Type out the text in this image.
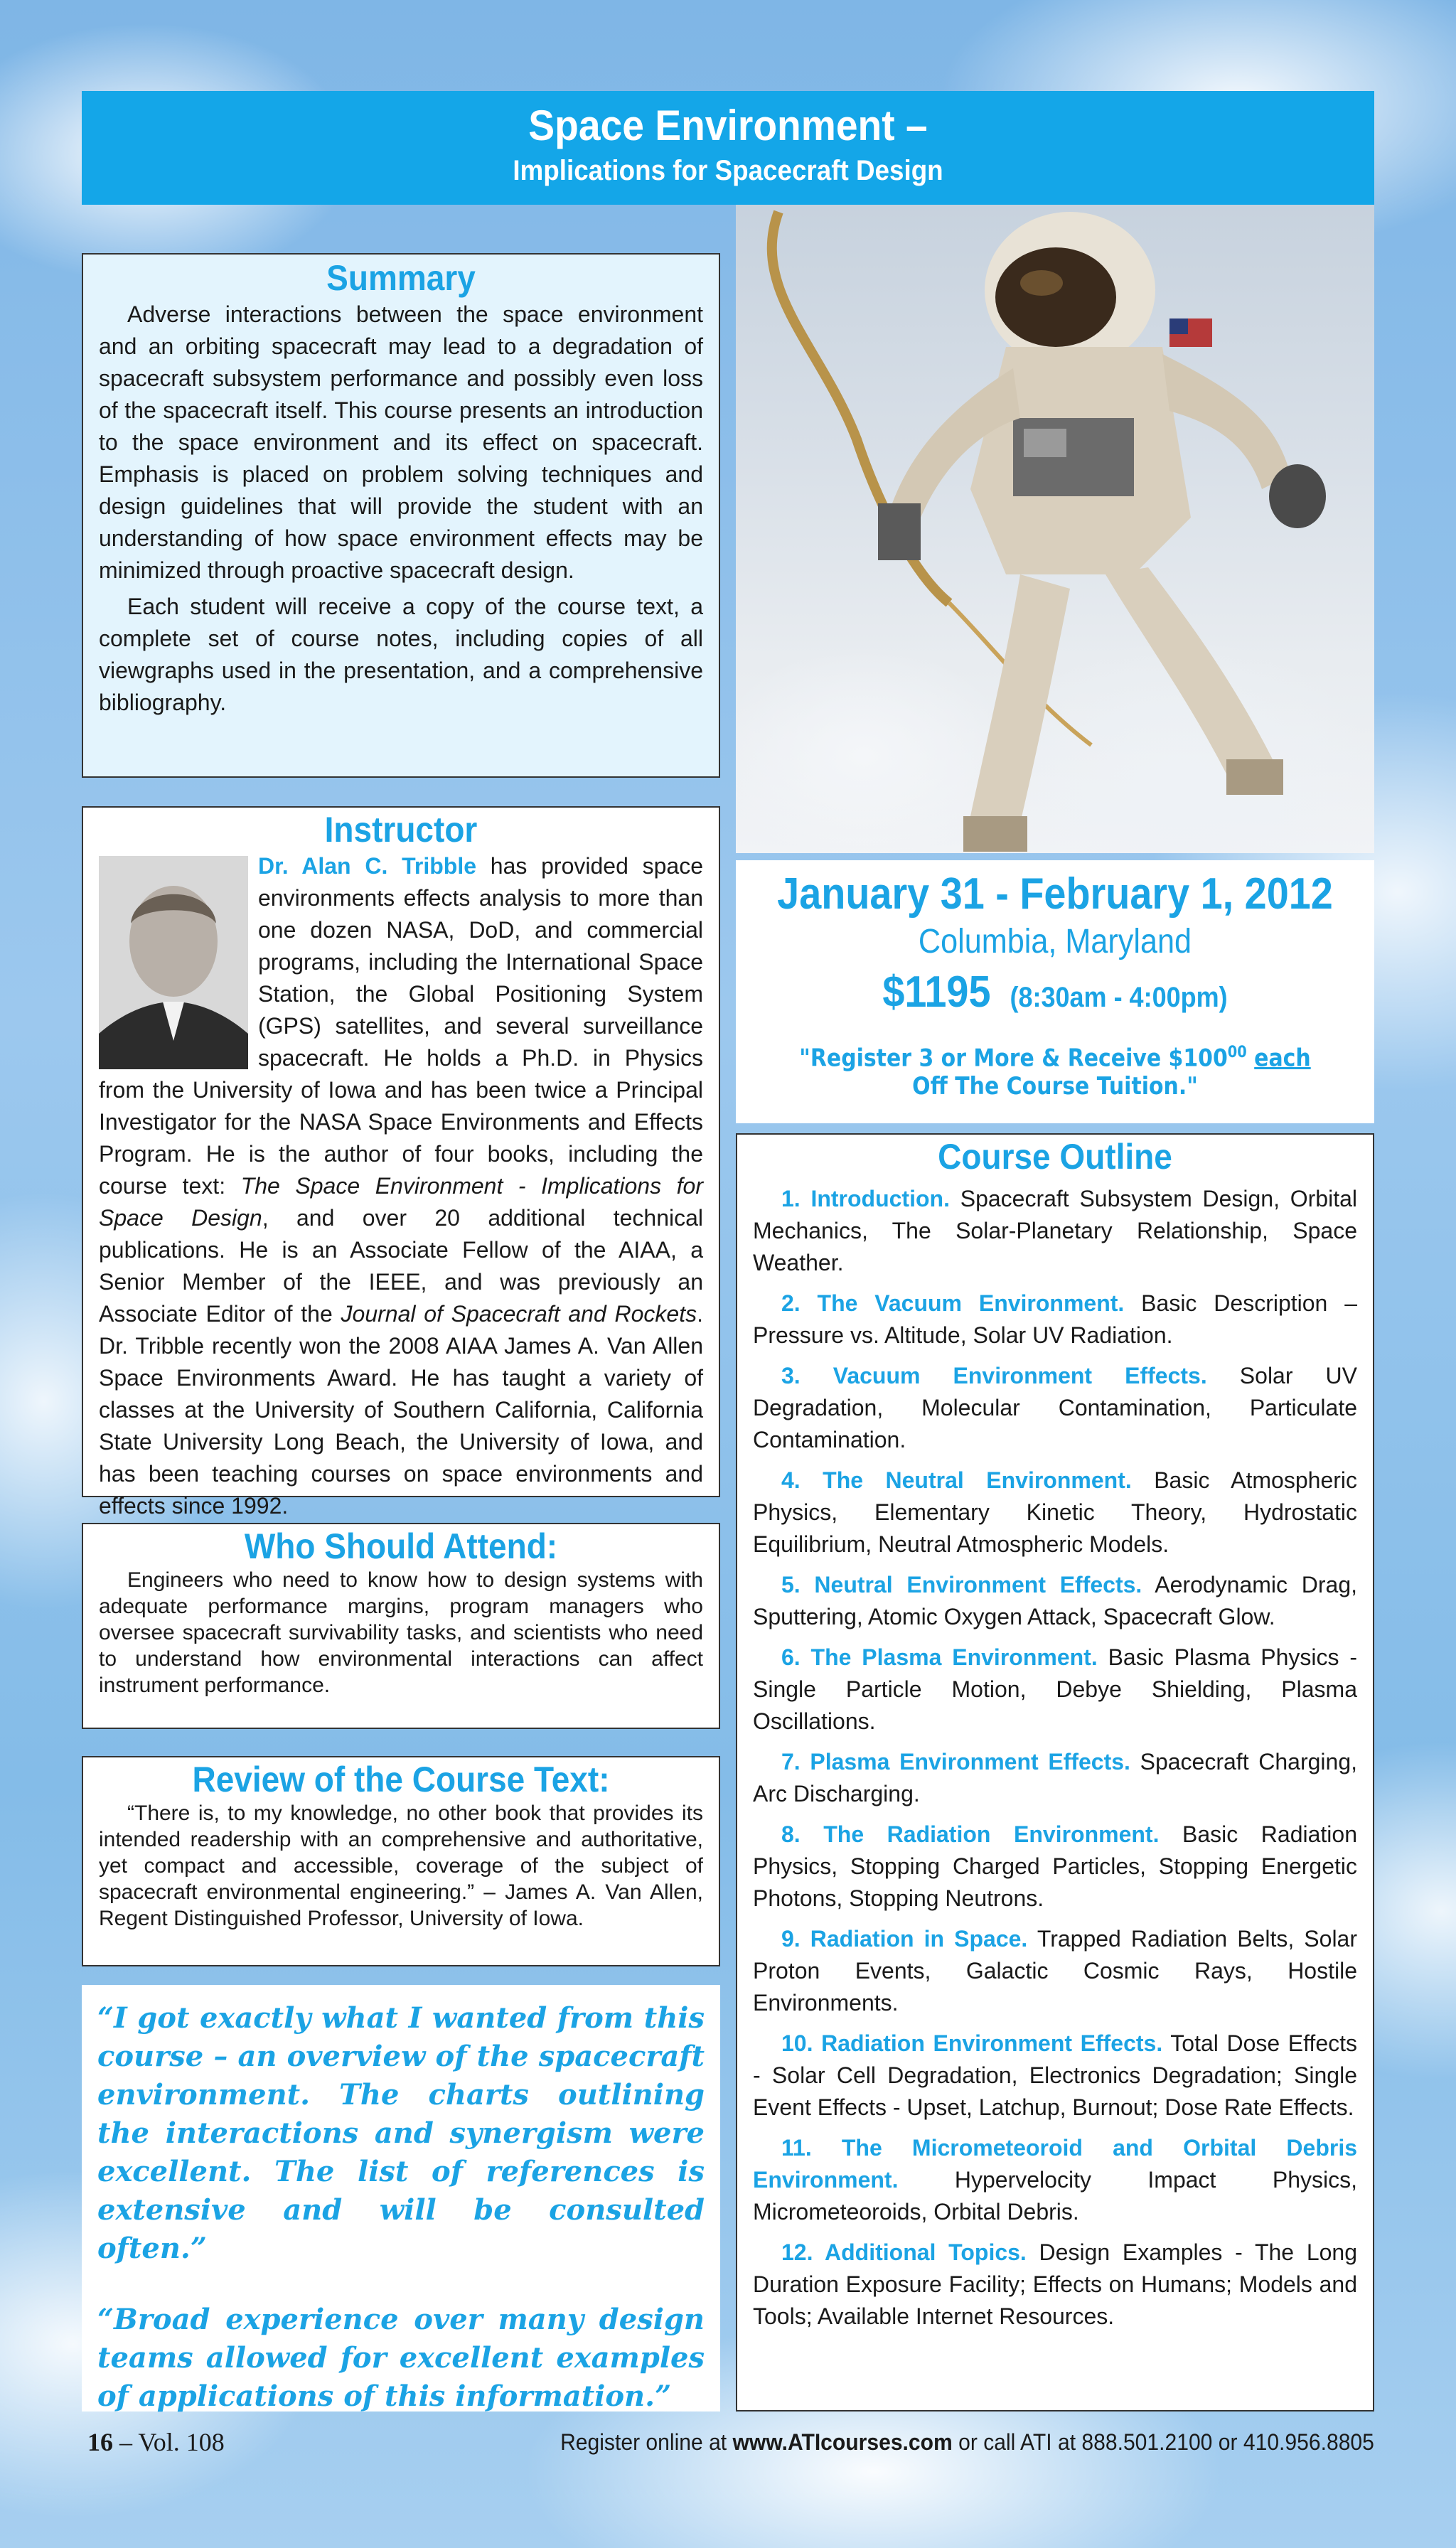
Space Environment –
Implications for Spacecraft Design
Summary

Adverse interactions between the space environment and an orbiting spacecraft may lead to a degradation of spacecraft subsystem performance and possibly even loss of the spacecraft itself. This course presents an introduction to the space environment and its effect on spacecraft. Emphasis is placed on problem solving techniques and design guidelines that will provide the student with an understanding of how space environment effects may be minimized through proactive spacecraft design.

Each student will receive a copy of the course text, a complete set of course notes, including copies of all viewgraphs used in the presentation, and a comprehensive bibliography.

Instructor
Dr. Alan C. Tribble
has provided space environments effects analysis to more than one dozen NASA, DoD, and commercial programs, including the International Space Station, the Global Positioning System (GPS) satellites, and several surveillance spacecraft. He holds a Ph.D. in Physics from the University of Iowa and has been twice a Principal Investigator for the NASA Space Environments and Effects Program. He is the author of four books, including the course text: The Space Environment - Implications for Space Design, and over 20 additional technical publications. He is an Associate Fellow of the AIAA, a Senior Member of the IEEE, and was previously an Associate Editor of the Journal of Spacecraft and Rockets. Dr. Tribble recently won the 2008 AIAA James A. Van Allen Space Environments Award. He has taught a variety of classes at the University of Southern California, California State University Long Beach, the University of Iowa, and has been teaching courses on space environments and effects since 1992.
January 31 - February 1, 2012
Columbia, Maryland
$1195 (8:30am - 4:00pm)
"Register 3 or More & Receive $\$100^{00}$ each
Off The Course Tuition."
Course Outline
1. Introduction. Spacecraft Subsystem Design, Orbital Mechanics, The Solar-Planetary Relationship, Space Weather.
2. The Vacuum Environment. Basic Description – Pressure vs. Altitude, Solar UV Radiation.
3. Vacuum Environment Effects. Solar UV Degradation, Molecular Contamination, Particulate Contamination.
4. The Neutral Environment. Basic Atmospheric Physics, Elementary Kinetic Theory, Hydrostatic Equilibrium, Neutral Atmospheric Models.
5. Neutral Environment Effects. Aerodynamic Drag, Sputtering, Atomic Oxygen Attack, Spacecraft Glow.
6. The Plasma Environment. Basic Plasma Physics - Single Particle Motion, Debye Shielding, Plasma Oscillations.
7. Plasma Environment Effects. Spacecraft Charging, Arc Discharging.
8. The Radiation Environment. Basic Radiation Physics, Stopping Charged Particles, Stopping Energetic Photons, Stopping Neutrons.
9. Radiation in Space. Trapped Radiation Belts, Solar Proton Events, Galactic Cosmic Rays, Hostile Environments.
10. Radiation Environment Effects. Total Dose Effects - Solar Cell Degradation, Electronics Degradation; Single Event Effects - Upset, Latchup, Burnout; Dose Rate Effects.
11. The Micrometeoroid and Orbital Debris Environment. Hypervelocity Impact Physics, Micrometeoroids, Orbital Debris.
12. Additional Topics. Design Examples - The Long Duration Exposure Facility; Effects on Humans; Models and Tools; Available Internet Resources.
Who Should Attend:

Engineers who need to know how to design systems with adequate performance margins, program managers who oversee spacecraft survivability tasks, and scientists who need to understand how environmental interactions can affect instrument performance.

Review of the Course Text:

“There is, to my knowledge, no other book that provides its intended readership with an comprehensive and authoritative, yet compact and accessible, coverage of the subject of spacecraft environmental engineering.” – James A. Van Allen, Regent Distinguished Professor, University of Iowa.

“I got exactly what I wanted from this course – an overview of the spacecraft environment. The charts outlining the interactions and synergism were excellent. The list of references is extensive and will be consulted often.”
“Broad experience over many design teams allowed for excellent examples of applications of this information.”
16 – Vol. 108	Register online at www.ATIcourses.com or call ATI at 888.501.2100 or 410.956.8805
